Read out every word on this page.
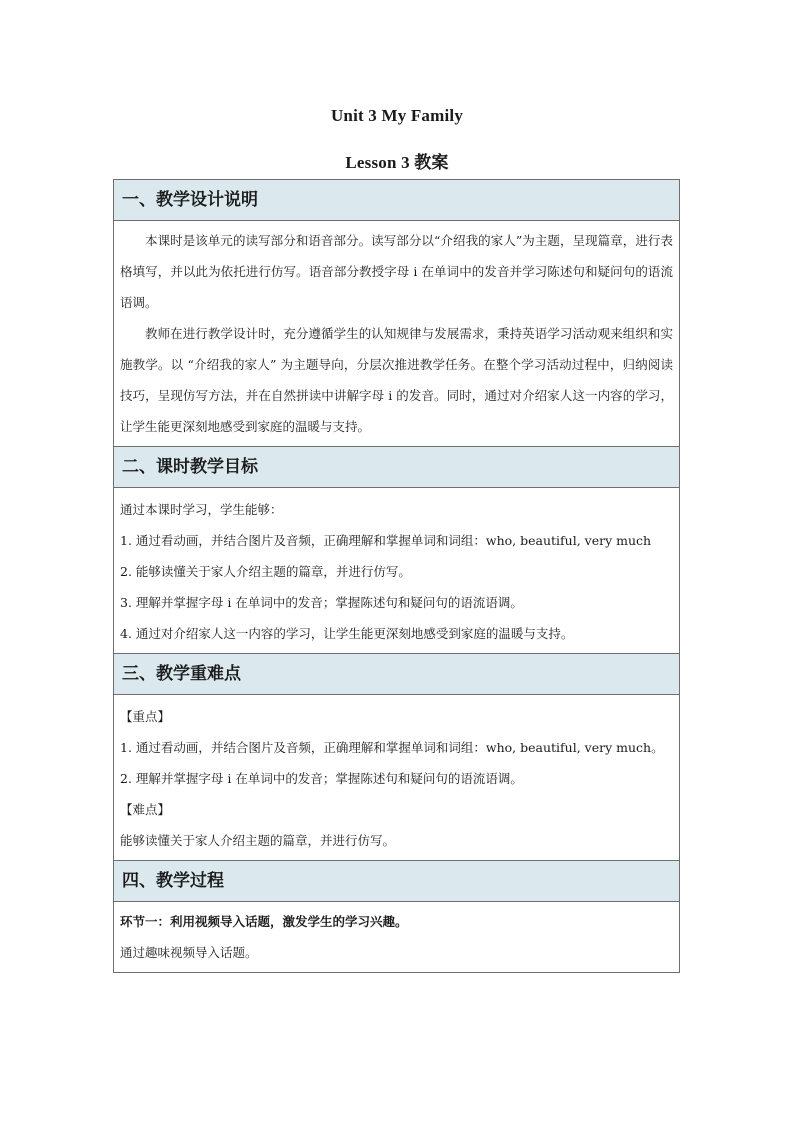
Unit 3 My Family
Lesson 3 教案
一、教学设计说明

本课时是该单元的读写部分和语音部分。读写部分以“介绍我的家人”为主题，呈现篇章，进行表格填写，并以此为依托进行仿写。语音部分教授字母 i 在单词中的发音并学习陈述句和疑问句的语流语调。

教师在进行教学设计时，充分遵循学生的认知规律与发展需求，秉持英语学习活动观来组织和实施教学。以 “介绍我的家人” 为主题导向，分层次推进教学任务。在整个学习活动过程中，归纳阅读技巧，呈现仿写方法，并在自然拼读中讲解字母 i 的发音。同时，通过对介绍家人这一内容的学习，让学生能更深刻地感受到家庭的温暖与支持。

二、课时教学目标

通过本课时学习，学生能够：

1. 通过看动画，并结合图片及音频，正确理解和掌握单词和词组：who, beautiful, very much

2. 能够读懂关于家人介绍主题的篇章，并进行仿写。

3. 理解并掌握字母 i 在单词中的发音；掌握陈述句和疑问句的语流语调。

4. 通过对介绍家人这一内容的学习，让学生能更深刻地感受到家庭的温暖与支持。

三、教学重难点

【重点】

1. 通过看动画，并结合图片及音频，正确理解和掌握单词和词组：who, beautiful, very much。

2. 理解并掌握字母 i 在单词中的发音；掌握陈述句和疑问句的语流语调。

【难点】

能够读懂关于家人介绍主题的篇章，并进行仿写。

四、教学过程

环节一：利用视频导入话题，激发学生的学习兴趣。

通过趣味视频导入话题。
